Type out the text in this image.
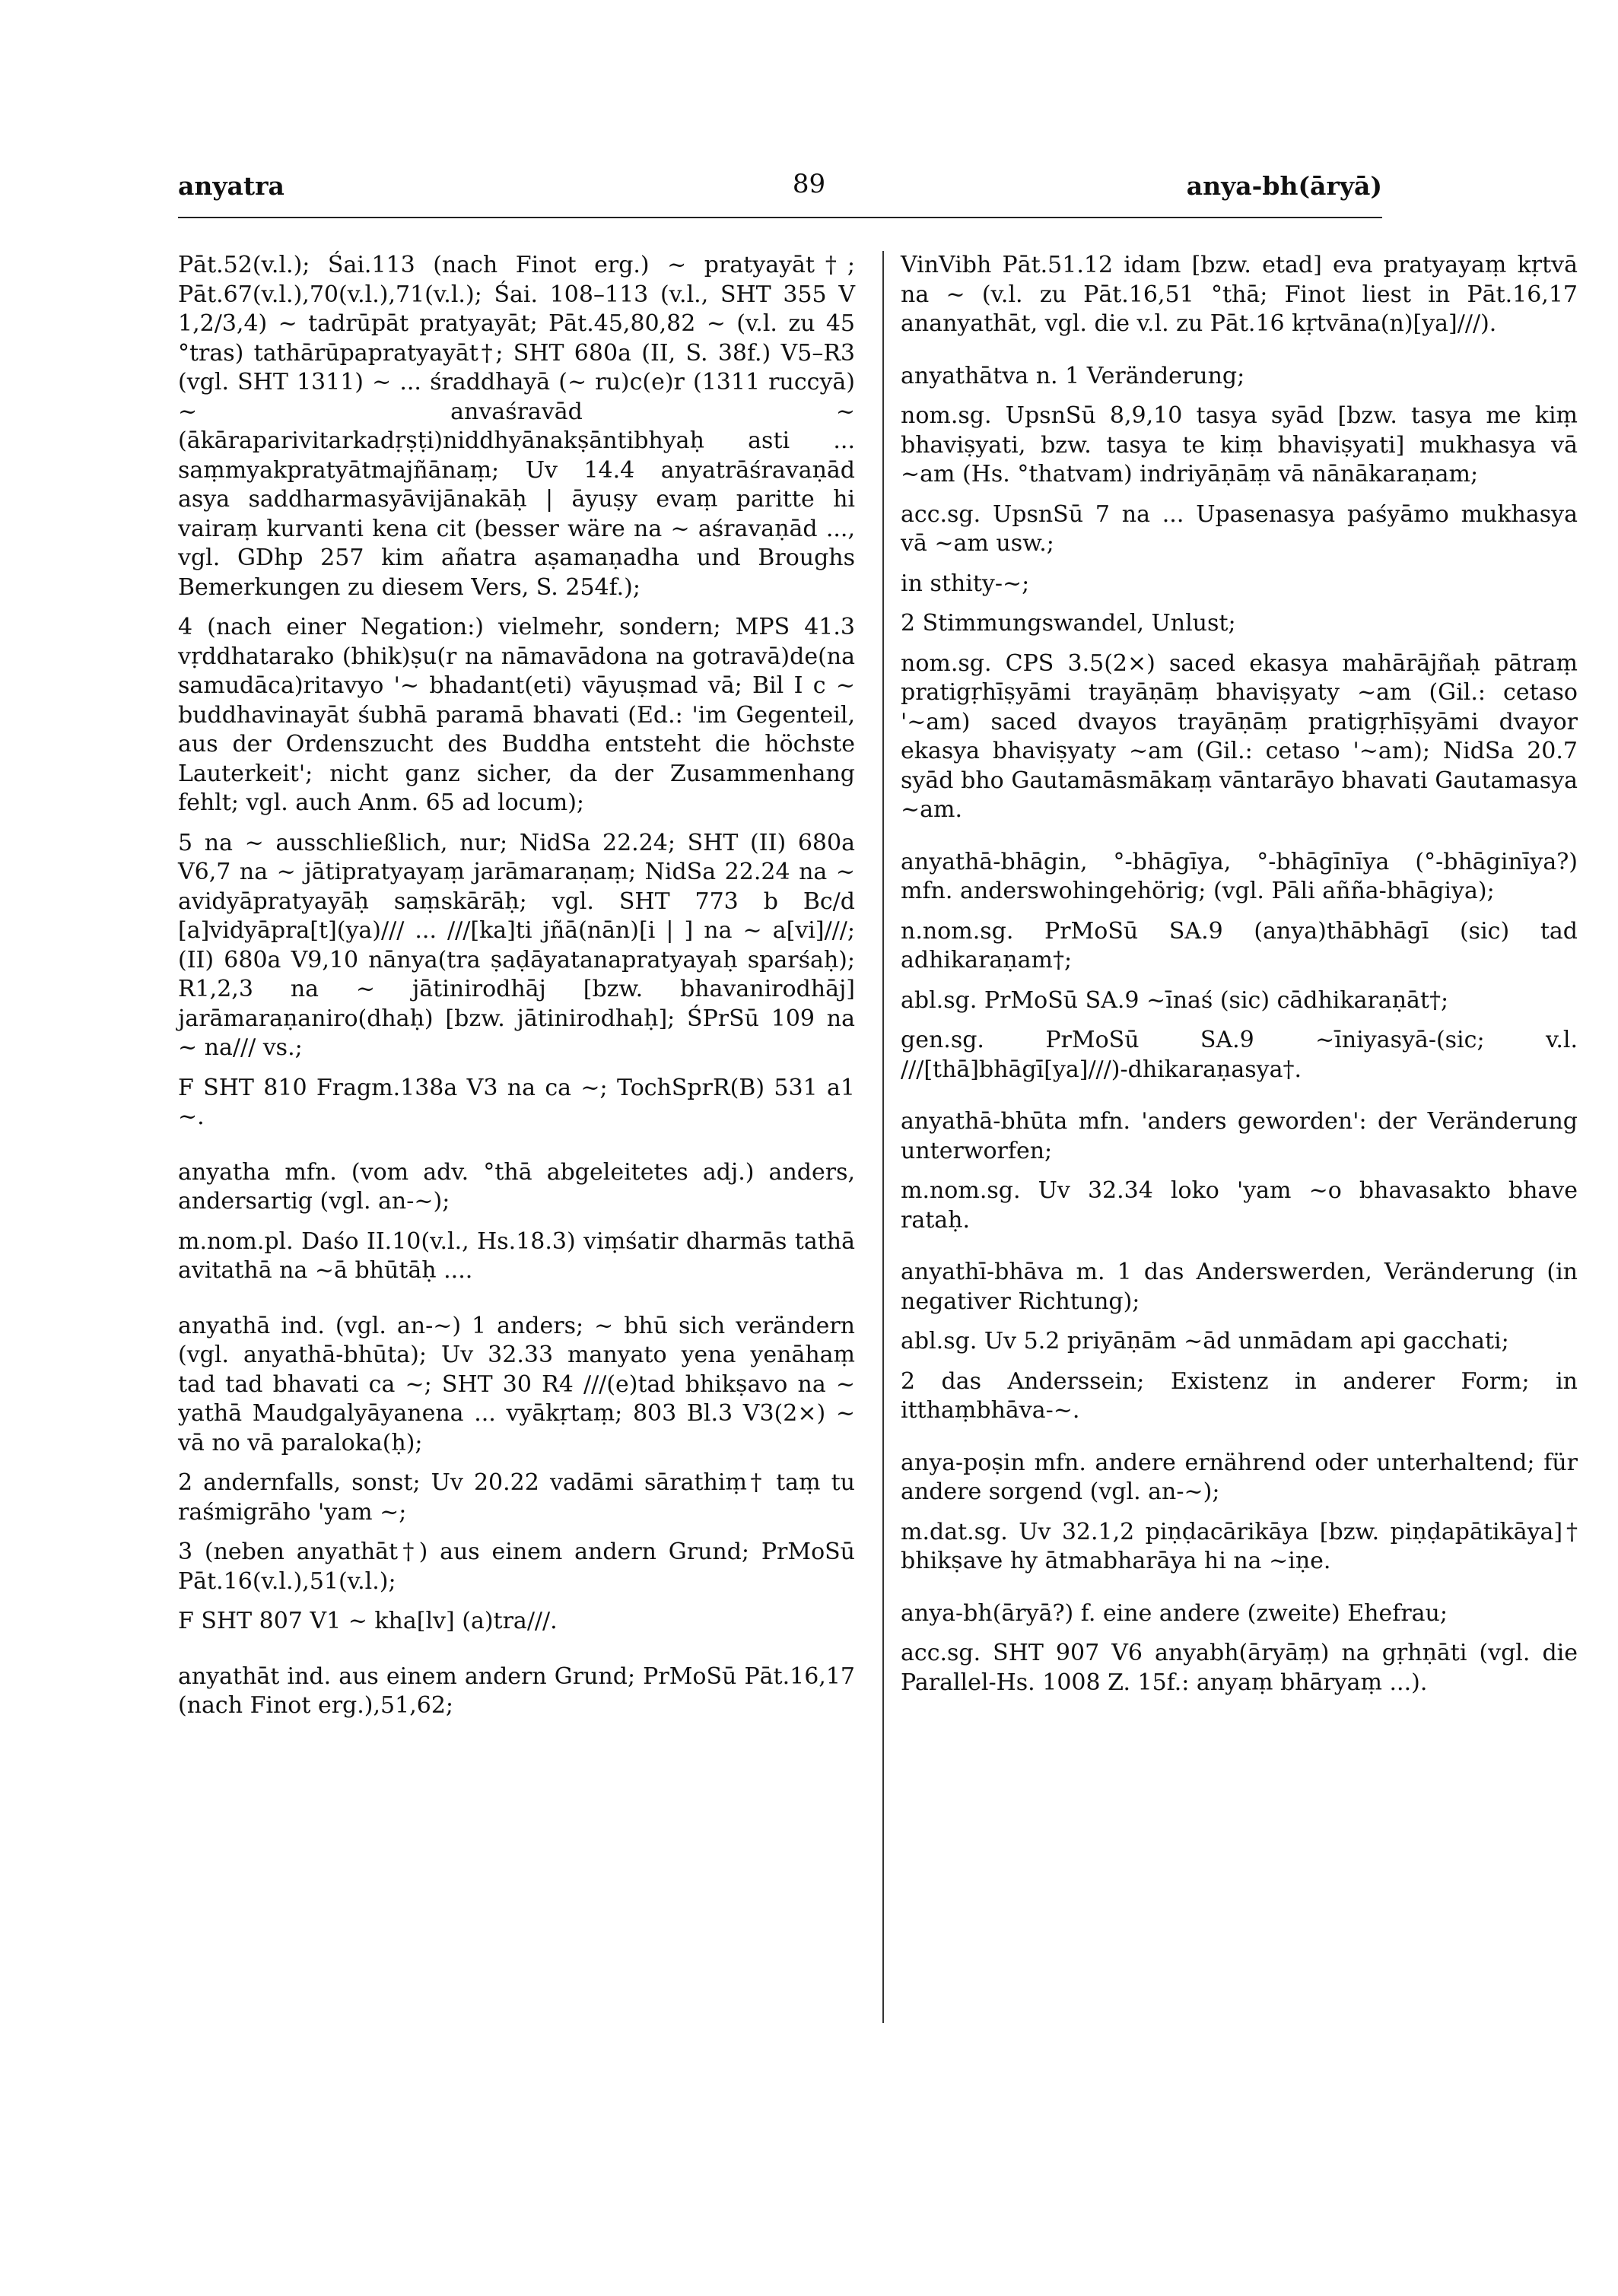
anyatra	89	anya-bh(āryā)

Pāt.52(v.l.); Śai.113 (nach Finot erg.) ~ pratyayāt†; Pāt.67(v.l.),70(v.l.),71(v.l.); Śai. 108–113 (v.l., SHT 355 V 1,2/3,4) ~ tadrūpāt pratyayāt; Pāt.45,80,82 ~ (v.l. zu 45 °tras) tathārūpapratyayāt†; SHT 680a (II, S. 38f.) V5–R3 (vgl. SHT 1311) ~ ... śraddhayā (~ ru)c(e)r (1311 ruccyā) ~ anvaśravād ~ (ākāraparivitarkadṛṣṭi)niddhyānakṣāntibhyaḥ asti ... saṃmyakpratyātmajñānaṃ; Uv 14.4 anyatrāśravaṇād asya saddharmasyāvijānakāḥ | āyuṣy evaṃ paritte hi vairaṃ kurvanti kena cit (besser wäre na ~ aśravaṇād ..., vgl. GDhp 257 kim añatra aṣamaṇadha und Broughs Bemerkungen zu diesem Vers, S. 254f.);

4 (nach einer Negation:) vielmehr, sondern; MPS 41.3 vṛddhatarako (bhik)ṣu(r na nāmavādona na gotravā)de(na samudāca)ritavyo '~ bhadant(eti) vāyuṣmad vā; Bil I c ~ buddhavinayāt śubhā paramā bhavati (Ed.: 'im Gegenteil, aus der Ordenszucht des Buddha entsteht die höchste Lauterkeit'; nicht ganz sicher, da der Zusammenhang fehlt; vgl. auch Anm. 65 ad locum);

5 na ~ ausschließlich, nur; NidSa 22.24; SHT (II) 680a V6,7 na ~ jātipratyayaṃ jarāmaraṇaṃ; NidSa 22.24 na ~ avidyāpratyayāḥ saṃskārāḥ; vgl. SHT 773 b Bc/d [a]vidyāpra[t](ya)/// ... ///[ka]ti jñā(nān)[i | ] na ~ a[vi]///; (II) 680a V9,10 nānya(tra ṣaḍāyatanapratyayaḥ sparśaḥ); R1,2,3 na ~ jātinirodhāj [bzw. bhavanirodhāj] jarāmaraṇaniro(dhaḥ) [bzw. jātinirodhaḥ]; ŚPrSū 109 na ~ na/// vs.;

F SHT 810 Fragm.138a V3 na ca ~; TochSprR(B) 531 a1 ~.

anyatha mfn. (vom adv. °thā abgeleitetes adj.) anders, andersartig (vgl. an-~);

m.nom.pl. Daśo II.10(v.l., Hs.18.3) viṃśatir dharmās tathā avitathā na ~ā bhūtāḥ ....

anyathā ind. (vgl. an-~) 1 anders; ~ bhū sich verändern (vgl. anyathā-bhūta); Uv 32.33 manyato yena yenāhaṃ tad tad bhavati ca ~; SHT 30 R4 ///(e)tad bhikṣavo na ~ yathā Maudgalyāyanena ... vyākṛtaṃ; 803 Bl.3 V3(2×) ~ vā no vā paraloka(ḥ);

2 andernfalls, sonst; Uv 20.22 vadāmi sārathiṃ† taṃ tu raśmigrāho 'yam ~;

3 (neben anyathāt†) aus einem andern Grund; PrMoSū Pāt.16(v.l.),51(v.l.);

F SHT 807 V1 ~ kha[lv] (a)tra///.

anyathāt ind. aus einem andern Grund; PrMoSū Pāt.16,17 (nach Finot erg.),51,62;

VinVibh Pāt.51.12 idam [bzw. etad] eva pratyayaṃ kṛtvā na ~ (v.l. zu Pāt.16,51 °thā; Finot liest in Pāt.16,17 ananyathāt, vgl. die v.l. zu Pāt.16 kṛtvāna(n)[ya]///).

anyathātva n. 1 Veränderung;

nom.sg. UpsnSū 8,9,10 tasya syād [bzw. tasya me kiṃ bhaviṣyati, bzw. tasya te kiṃ bhaviṣyati] mukhasya vā ~am (Hs. °thatvam) indriyāṇāṃ vā nānākaraṇam;

acc.sg. UpsnSū 7 na ... Upasenasya paśyāmo mukhasya vā ~am usw.;

in sthity-~;

2 Stimmungswandel, Unlust;

nom.sg. CPS 3.5(2×) saced ekasya mahārājñaḥ pātraṃ pratigṛhīṣyāmi trayāṇāṃ bhaviṣyaty ~am (Gil.: cetaso '~am) saced dvayos trayāṇāṃ pratigṛhīṣyāmi dvayor ekasya bhaviṣyaty ~am (Gil.: cetaso '~am); NidSa 20.7 syād bho Gautamāsmākaṃ vāntarāyo bhavati Gautamasya ~am.

anyathā-bhāgin, °-bhāgīya, °-bhāgīnīya (°-bhāginīya?) mfn. anderswohingehörig; (vgl. Pāli añña-bhāgiya);

n.nom.sg. PrMoSū SA.9 (anya)thābhāgī (sic) tad adhikaraṇam†;

abl.sg. PrMoSū SA.9 ~īnaś (sic) cādhikaraṇāt†;

gen.sg. PrMoSū SA.9 ~īniyasyā-(sic; v.l. ///[thā]bhāgī[ya]///)-dhikaraṇasya†.

anyathā-bhūta mfn. 'anders geworden': der Veränderung unterworfen;

m.nom.sg. Uv 32.34 loko 'yam ~o bhavasakto bhave rataḥ.

anyathī-bhāva m. 1 das Anderswerden, Veränderung (in negativer Richtung);

abl.sg. Uv 5.2 priyāṇām ~ād unmādam api gacchati;

2 das Anderssein; Existenz in anderer Form; in itthaṃbhāva-~.

anya-poṣin mfn. andere ernährend oder unterhaltend; für andere sorgend (vgl. an-~);

m.dat.sg. Uv 32.1,2 piṇḍacārikāya [bzw. piṇḍapātikāya]† bhikṣave hy ātmabharāya hi na ~iṇe.

anya-bh(āryā?) f. eine andere (zweite) Ehefrau;

acc.sg. SHT 907 V6 anyabh(āryāṃ) na gṛhṇāti (vgl. die Parallel-Hs. 1008 Z. 15f.: anyaṃ bhāryaṃ ...).
